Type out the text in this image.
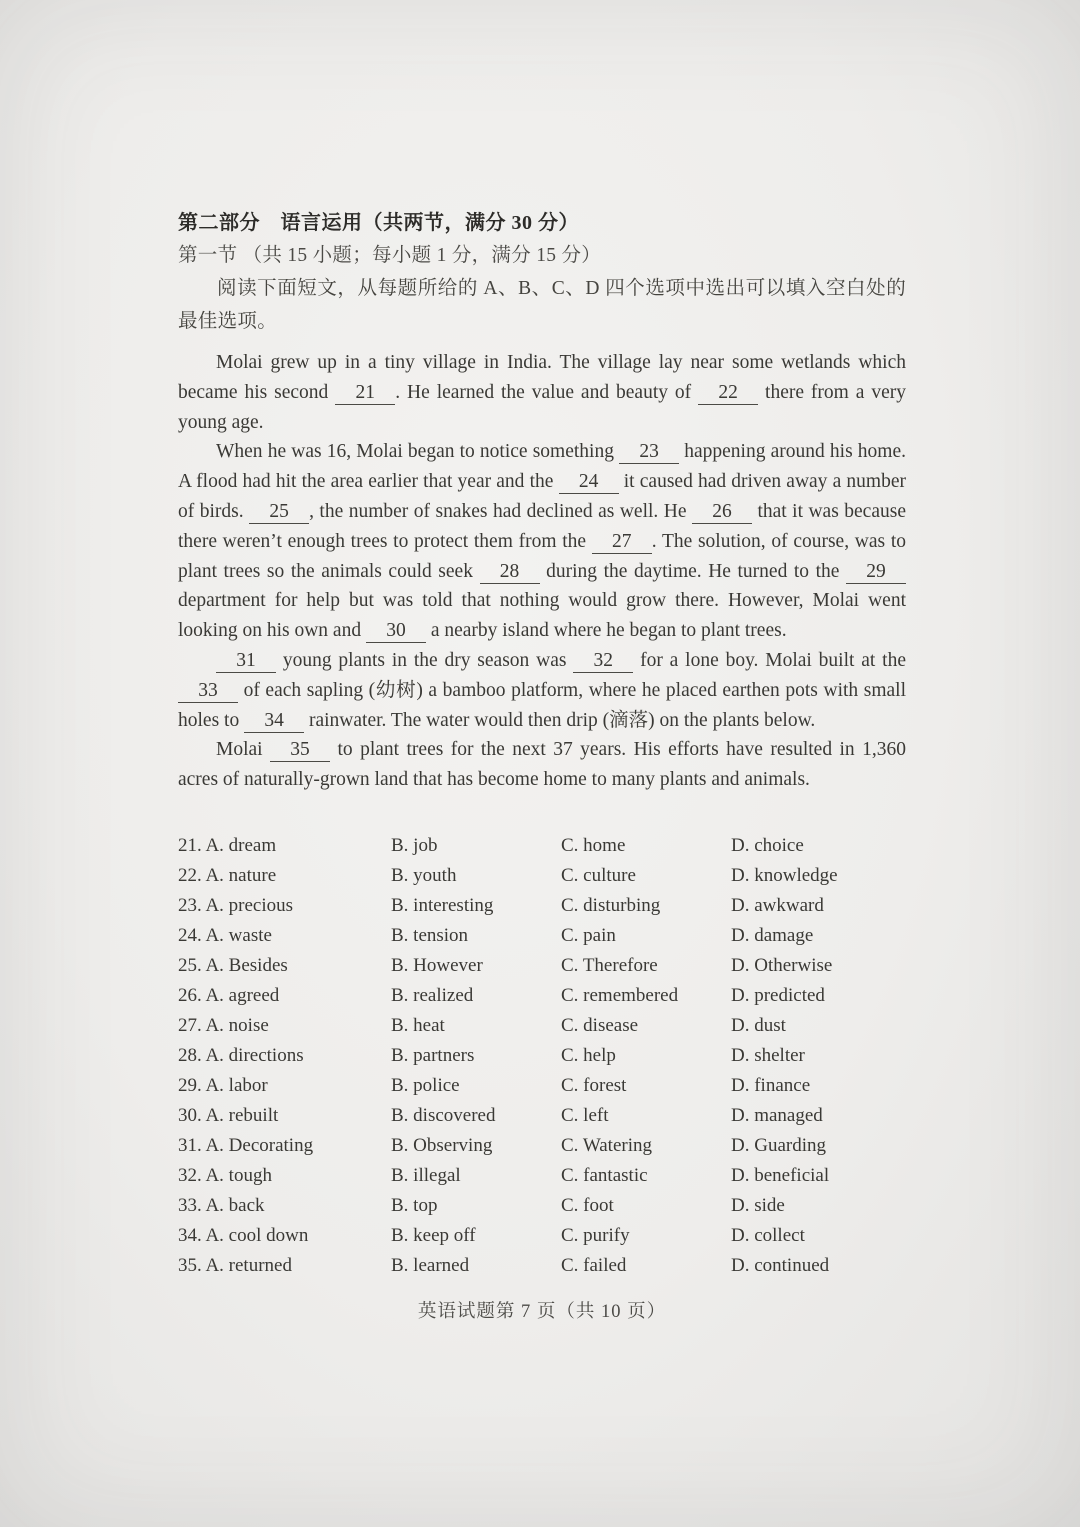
第二部分　语言运用（共两节，满分 30 分）
第一节 （共 15 小题；每小题 1 分，满分 15 分）

阅读下面短文，从每题所给的 A、B、C、D 四个选项中选出可以填入空白处的最佳选项。

Molai grew up in a tiny village in India. The village lay near some wetlands which became his second 21 . He learned the value and beauty of 22 there from a very young age.

When he was 16, Molai began to notice something 23 happening around his home. A flood had hit the area earlier that year and the 24 it caused had driven away a number of birds. 25 , the number of snakes had declined as well. He 26 that it was because there weren’t enough trees to protect them from the 27 . The solution, of course, was to plant trees so the animals could seek 28 during the daytime. He turned to the 29 department for help but was told that nothing would grow there. However, Molai went looking on his own and 30 a nearby island where he began to plant trees.

31 young plants in the dry season was 32 for a lone boy. Molai built at the 33 of each sapling (幼树) a bamboo platform, where he placed earthen pots with small holes to 34 rainwater. The water would then drip (滴落) on the plants below.

Molai 35 to plant trees for the next 37 years. His efforts have resulted in 1,360 acres of naturally-grown land that has become home to many plants and animals.

21. A. dream	B. job	C. home	D. choice
22. A. nature	B. youth	C. culture	D. knowledge
23. A. precious	B. interesting	C. disturbing	D. awkward
24. A. waste	B. tension	C. pain	D. damage
25. A. Besides	B. However	C. Therefore	D. Otherwise
26. A. agreed	B. realized	C. remembered	D. predicted
27. A. noise	B. heat	C. disease	D. dust
28. A. directions	B. partners	C. help	D. shelter
29. A. labor	B. police	C. forest	D. finance
30. A. rebuilt	B. discovered	C. left	D. managed
31. A. Decorating	B. Observing	C. Watering	D. Guarding
32. A. tough	B. illegal	C. fantastic	D. beneficial
33. A. back	B. top	C. foot	D. side
34. A. cool down	B. keep off	C. purify	D. collect
35. A. returned	B. learned	C. failed	D. continued
英语试题第 7 页（共 10 页）
